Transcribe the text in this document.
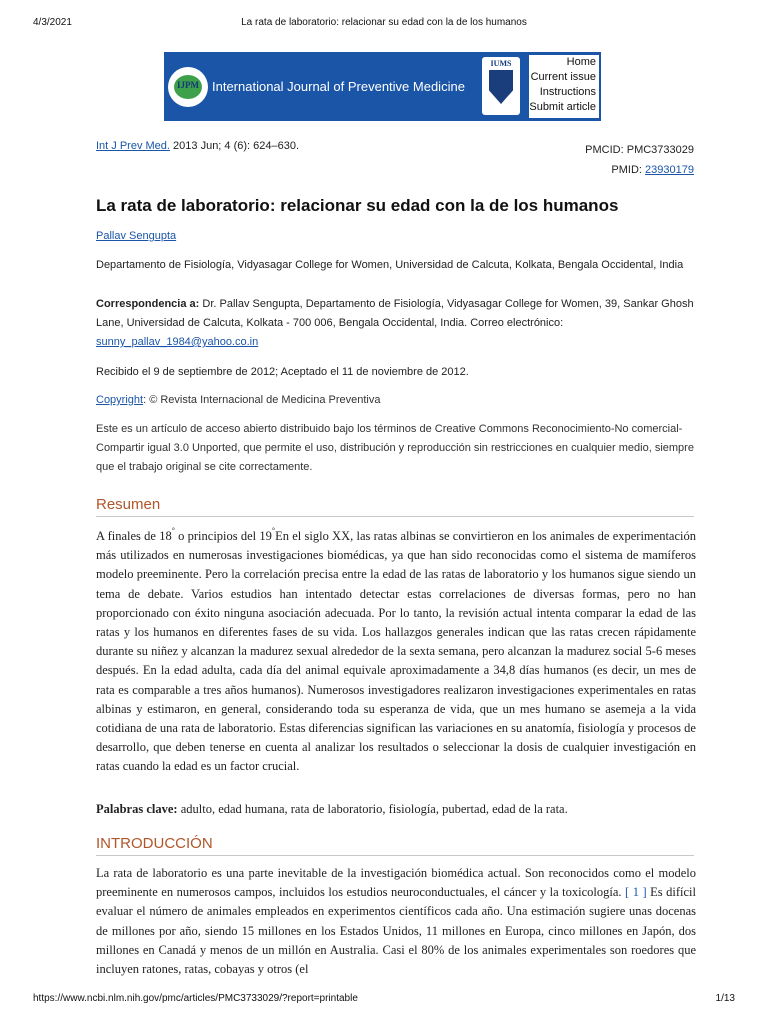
4/3/2021	La rata de laboratorio: relacionar su edad con la de los humanos
IJPM	International Journal of Preventive Medicine
IUMS	Home
Current issue
Instructions
Submit article
Int J Prev Med. 2013 Jun; 4 (6): 624–630.	PMCID: PMC3733029
PMID: 23930179
La rata de laboratorio: relacionar su edad con la de los humanos
Pallav Sengupta
Departamento de Fisiología, Vidyasagar College for Women, Universidad de Calcuta, Kolkata, Bengala Occidental, India
Correspondencia a: Dr. Pallav Sengupta, Departamento de Fisiología, Vidyasagar College for Women, 39, Sankar Ghosh Lane, Universidad de Calcuta, Kolkata - 700 006, Bengala Occidental, India. Correo electrónico: sunny_pallav_1984@yahoo.co.in
Recibido el 9 de septiembre de 2012; Aceptado el 11 de noviembre de 2012.
Copyright: © Revista Internacional de Medicina Preventiva
Este es un artículo de acceso abierto distribuido bajo los términos de Creative Commons Reconocimiento-No comercial-Compartir igual 3.0 Unported, que permite el uso, distribución y reproducción sin restricciones en cualquier medio, siempre que el trabajo original se cite correctamente.
Resumen
A finales de 18° o principios del 19°En el siglo XX, las ratas albinas se convirtieron en los animales de experimentación más utilizados en numerosas investigaciones biomédicas, ya que han sido reconocidas como el sistema de mamíferos modelo preeminente. Pero la correlación precisa entre la edad de las ratas de laboratorio y los humanos sigue siendo un tema de debate. Varios estudios han intentado detectar estas correlaciones de diversas formas, pero no han proporcionado con éxito ninguna asociación adecuada. Por lo tanto, la revisión actual intenta comparar la edad de las ratas y los humanos en diferentes fases de su vida. Los hallazgos generales indican que las ratas crecen rápidamente durante su niñez y alcanzan la madurez sexual alrededor de la sexta semana, pero alcanzan la madurez social 5-6 meses después. En la edad adulta, cada día del animal equivale aproximadamente a 34,8 días humanos (es decir, un mes de rata es comparable a tres años humanos). Numerosos investigadores realizaron investigaciones experimentales en ratas albinas y estimaron, en general, considerando toda su esperanza de vida, que un mes humano se asemeja a la vida cotidiana de una rata de laboratorio. Estas diferencias significan las variaciones en su anatomía, fisiología y procesos de desarrollo, que deben tenerse en cuenta al analizar los resultados o seleccionar la dosis de cualquier investigación en ratas cuando la edad es un factor crucial.
Palabras clave: adulto, edad humana, rata de laboratorio, fisiología, pubertad, edad de la rata.
INTRODUCCIÓN
La rata de laboratorio es una parte inevitable de la investigación biomédica actual. Son reconocidos como el modelo preeminente en numerosos campos, incluidos los estudios neuroconductuales, el cáncer y la toxicología. [ 1 ] Es difícil evaluar el número de animales empleados en experimentos científicos cada año. Una estimación sugiere unas docenas de millones por año, siendo 15 millones en los Estados Unidos, 11 millones en Europa, cinco millones en Japón, dos millones en Canadá y menos de un millón en Australia. Casi el 80% de los animales experimentales son roedores que incluyen ratones, ratas, cobayas y otros (el
https://www.ncbi.nlm.nih.gov/pmc/articles/PMC3733029/?report=printable	1/13
